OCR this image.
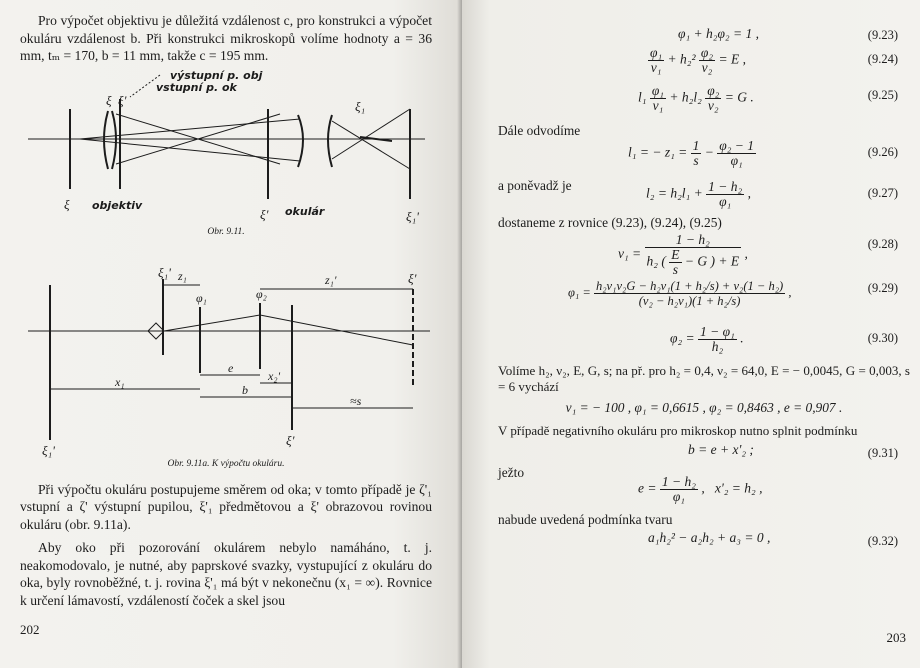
Pro výpočet objektivu je důležitá vzdálenost c, pro konstrukci a výpočet okuláru vzdálenost b. Při konstrukci mikroskopů volíme hodnoty a = 36 mm, tₘ = 170, b = 11 mm, takže c = 195 mm.

výstupní p. obj
vstupní p. ok
ξ ξ'	ξ₁
ξ objektiv
ξ' okulár	ξ₁'
Obr. 9.11.
ξ₁' z₁	z₁'	ξ'
φ₁	φ₂
x₁
e
x₂'
b
≈s
ξ₁'
ξ'
Obr. 9.11a. K výpočtu okuláru.

Při výpočtu okuláru postupujeme směrem od oka; v tomto případě je ζ'₁ vstupní a ζ' výstupní pupilou, ξ'₁ předmětovou a ξ' obrazovou rovinou okuláru (obr. 9.11a).

Aby oko při pozorování okulárem nebylo namáháno, t. j. neakomodovalo, je nutné, aby paprskové svazky, vystupující z okuláru do oka, byly rovnoběžné, t. j. rovina ξ'₁ má být v nekonečnu (x₁ = ∞). Rovnice k určení lámavostí, vzdáleností čoček a skel jsou

202
φ₁ + h₂φ₂ = 1 ,	(9.23)
$\frac{\text{φ₁}}{\text{ν₁}} + h_2^2 \frac{\text{φ₂}}{\text{ν₂}} = E$ ,	(9.24)
$l_1 \frac{\text{φ₁}}{\text{ν₁}} + h_2l_2 \frac{\text{φ₂}}{\text{ν₂}} = G$ .	(9.25)
Dále odvodíme
l₁ = − $z_1 = \frac{1}{s} - \frac{\text{φ₂ − 1}}{\text{φ₁}}$	(9.26)
a poněvadž je
$l_2 = h_2l_1 + \frac{\text{1 − h₂}}{\text{φ₁}}$ ,	(9.27)
dostaneme z rovnice (9.23), (9.24), (9.25)
$\nu_1 = \frac{\text{1 − h₂}}{h_2 ( \frac{E}{s} - G ) + E}$ ,
(9.28)
$\varphi_1 = \frac{\text{h₂ν₁ν₂G − h₂ν₁(1 + h₂/s) + ν₂(1 − h₂)}}{\text{(ν₂ − h₂ν₁)(1 + h₂/s)}}$ ,	(9.29)
$\varphi_2 = \frac{\text{1 − φ₁}}{\text{h₂}}$ .	(9.30)

Volíme h₂, ν₂, E, G, s; na př. pro h₂ = 0,4, ν₂ = 64,0, E = − 0,0045, G = 0,003, s = 6 vychází

ν₁ = − 100 , φ₁ = 0,6615 , φ₂ = 0,8463 , e = 0,907 .

V případě negativního okuláru pro mikroskop nutno splnit podmínku

b = e + x'₂ ;	(9.31)
ježto
$e = \frac{\text{1 − h₂}}{\text{φ₁}}$ ,   x'₂ = h₂ ,
nabude uvedená podmínka tvaru
a₁h₂² − a₂h₂ + a₃ = 0 ,	(9.32)
203
